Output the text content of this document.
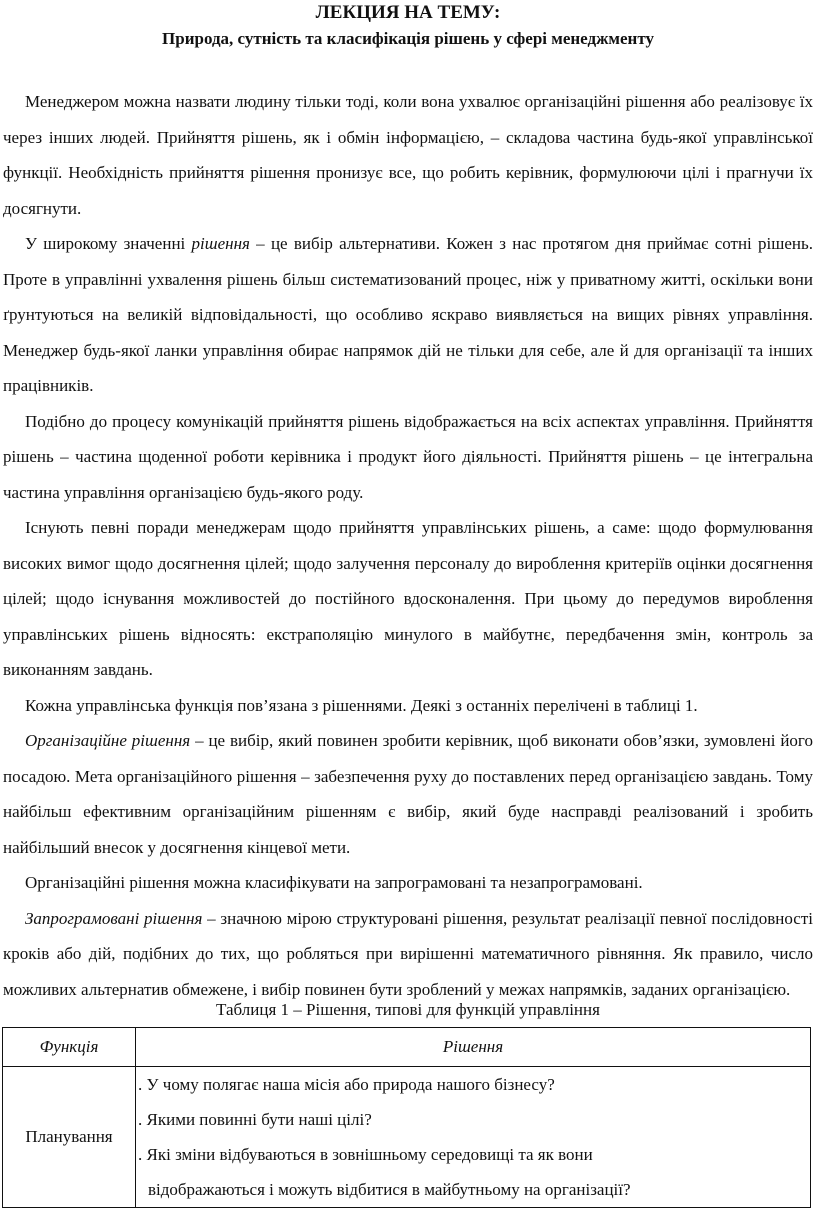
ЛЕКЦИЯ НА ТЕМУ:
Природа, сутність та класифікація рішень у сфері менеджменту

Менеджером можна назвати людину тільки тоді, коли вона ухвалює організаційні рішення або реалізовує їх через інших людей. Прийняття рішень, як і обмін інформацією, – складова частина будь-якої управлінської функції. Необхідність прийняття рішення пронизує все, що робить керівник, формулюючи цілі і прагнучи їх досягнути.

У широкому значенні рішення – це вибір альтернативи. Кожен з нас протягом дня приймає сотні рішень. Проте в управлінні ухвалення рішень більш систематизований процес, ніж у приватному житті, оскільки вони ґрунтуються на великій відповідальності, що особливо яскраво виявляється на вищих рівнях управління. Менеджер будь-якої ланки управління обирає напрямок дій не тільки для себе, але й для організації та інших працівників.

Подібно до процесу комунікацій прийняття рішень відображається на всіх аспектах управління. Прийняття рішень – частина щоденної роботи керівника і продукт його діяльності. Прийняття рішень – це інтегральна частина управління організацією будь-якого роду.

Існують певні поради менеджерам щодо прийняття управлінських рішень, а саме: щодо формулювання високих вимог щодо досягнення цілей; щодо залучення персоналу до вироблення критеріїв оцінки досягнення цілей; щодо існування можливостей до постійного вдосконалення. При цьому до передумов вироблення управлінських рішень відносять: екстраполяцію минулого в майбутнє, передбачення змін, контроль за виконанням завдань.

Кожна управлінська функція пов’язана з рішеннями. Деякі з останніх перелічені в таблиці 1.

Організаційне рішення – це вибір, який повинен зробити керівник, щоб виконати обов’язки, зумовлені його посадою. Мета організаційного рішення – забезпечення руху до поставлених перед організацією завдань. Тому найбільш ефективним організаційним рішенням є вибір, який буде насправді реалізований і зробить найбільший внесок у досягнення кінцевої мети.

Організаційні рішення можна класифікувати на запрограмовані та незапрограмовані.

Запрограмовані рішення – значною мірою структуровані рішення, результат реалізації певної послідовності кроків або дій, подібних до тих, що робляться при вирішенні математичного рівняння. Як правило, число можливих альтернатив обмежене, і вибір повинен бути зроблений у межах напрямків, заданих організацією.

Таблиця 1 – Рішення, типові для функцій управління
Функція	Рішення
Планування	. У чому полягає наша місія або природа нашого бізнесу?
. Якими повинні бути наші цілі?
. Які зміни відбуваються в зовнішньому середовищі та як вони
відображаються і можуть відбитися в майбутньому на організації?
